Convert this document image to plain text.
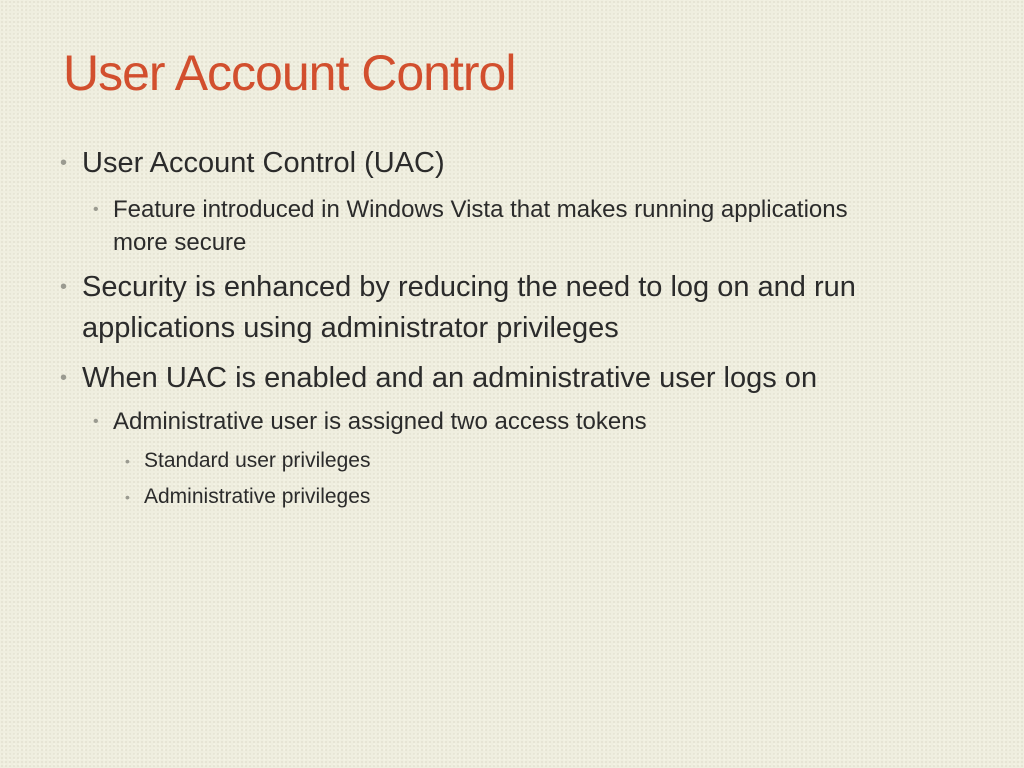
User Account Control
• User Account Control (UAC)
• Feature introduced in Windows Vista that makes running applications more secure
• Security is enhanced by reducing the need to log on and run applications using administrator privileges
• When UAC is enabled and an administrative user logs on
• Administrative user is assigned two access tokens
• Standard user privileges
• Administrative privileges
